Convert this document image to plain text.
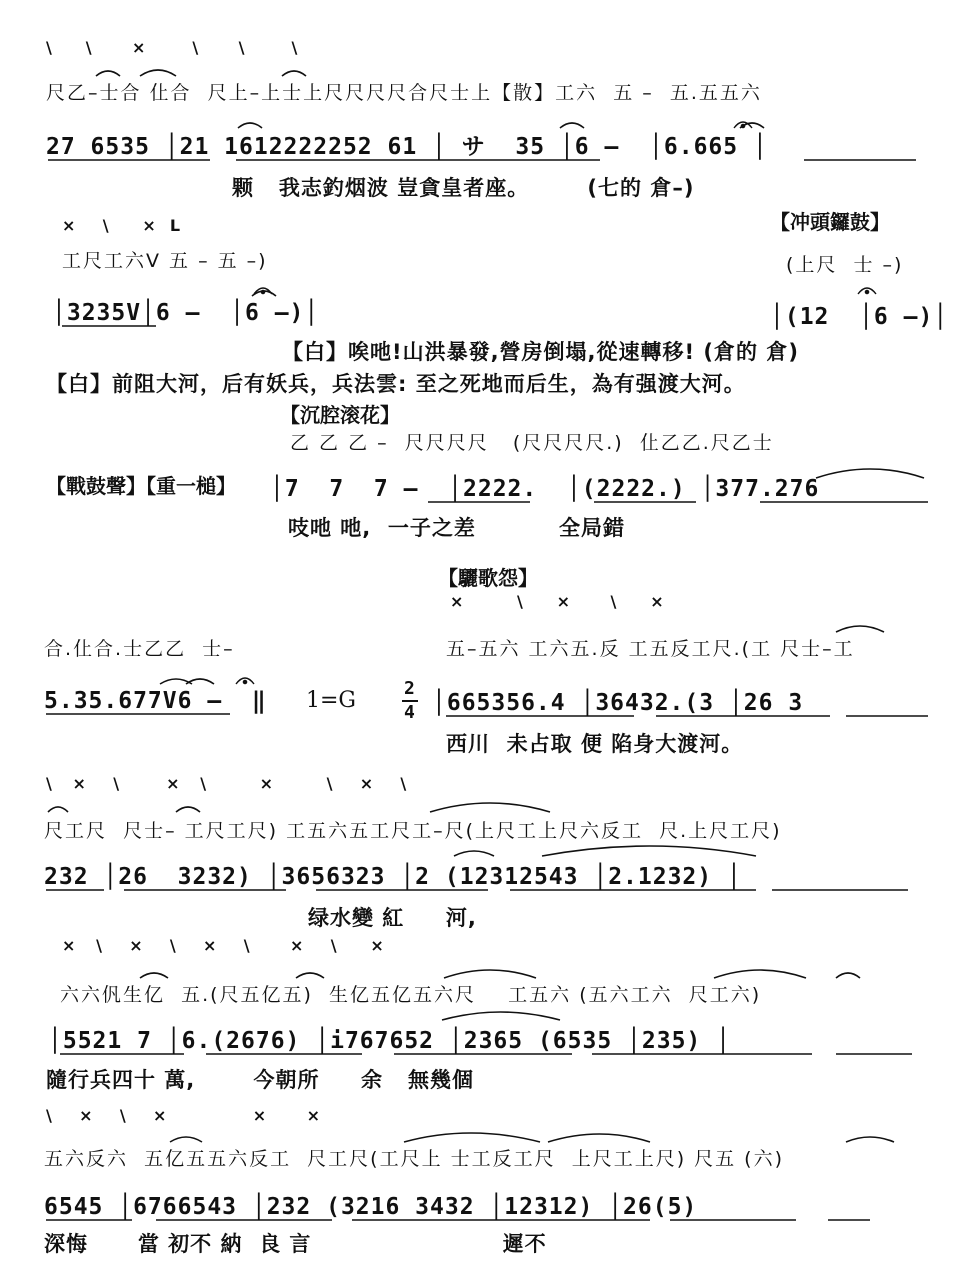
\     \      ×       \      \       \
尺乙–士合 仩合  尺上–上士上尺尺尺尺合尺士上【散】工六  五 –  五.五五六
27 6535 │21 1612222252 61 │ サ  35 │6 –  │6.665 │
颗   我志釣烟波 豈貪皇者座。       (七的 倉–)
【冲頭鑼鼓】
×    \     ×  L
工尺工六V 五 – 五 –)	(上尺  士 –)
│3235V│6 –  │6 –)│	│(12  │6 –)│
【白】唉吔!山洪暴發,營房倒塌,從速轉移! (倉的 倉)
【白】前阻大河，后有妖兵，兵法雲: 至之死地而后生，為有强渡大河。
【沉腔滚花】
乙 乙 乙 –  尺尺尺尺   (尺尺尺尺.)  仩乙乙.尺乙士
【戰鼓聲】【重一槌】 │7  7  7 –  │2222.  │(2222.) │377.276
吱吔 吔,  一子之差          全局錯
【驪歌怨】
×        \     ×      \     ×
合.仩合.士乙乙  士–	五–五六 工六五.反 工五反工尺.(工 尺士–工
5.35.677V6 –  ‖ 1=G	2
4 │665356.4 │36432.(3 │26 3
西川  未占取 便 陷身大渡河。
\   ×    \       ×   \        ×        \    ×    \
尺工尺  尺士– 工尺工尺) 工五六五工尺工–尺(上尺工上尺六反工  尺.上尺工尺)
232 │26  3232) │3656323 │2 (12312543 │2.1232) │
绿水變 紅     河,
×   \    ×    \    ×    \      ×    \     ×
六六𠆩生亿  五.(尺五亿五)  生亿五亿五六尺    工五六 (五六工六  尺工六)
│5521 7 │6.(2676) │i767652 │2365 (6535 │235) │
隨行兵四十 萬,       今朝所     余   無幾個
\    ×    \    ×             ×      ×
五六反六  五亿五五六反工  尺工尺(工尺上 士工反工尺  上尺工上尺) 尺五 (六)
6545 │6766543 │232 (3216 3432 │12312) │26(5)
深悔      當 初不 納  良 言                       遲不
